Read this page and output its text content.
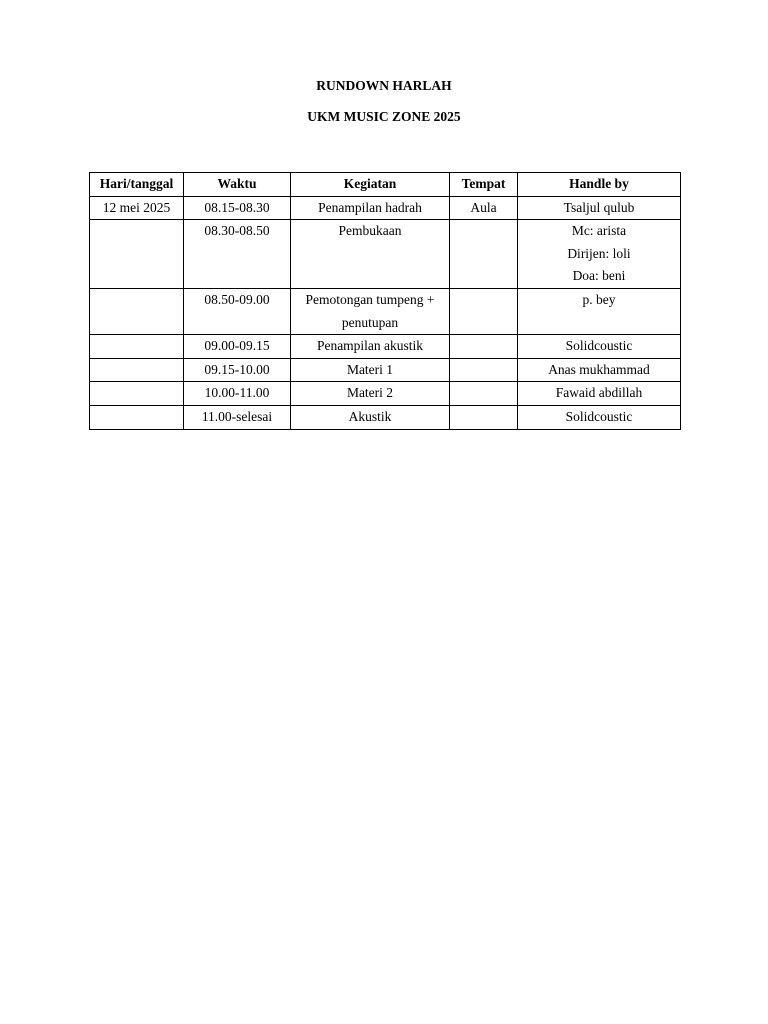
RUNDOWN HARLAH
UKM MUSIC ZONE 2025
Hari/tanggal	Waktu	Kegiatan	Tempat	Handle by
12 mei 2025	08.15-08.30	Penampilan hadrah	Aula	Tsaljul qulub

	08.30-08.50	Pembukaan		Mc: arista
Dirijen: loli
Doa: beni

	08.50-09.00	Pemotongan tumpeng +
penutupan		p. bey

	09.00-09.15	Penampilan akustik		Solidcoustic

	09.15-10.00	Materi 1		Anas mukhammad

	10.00-11.00	Materi 2		Fawaid abdillah

	11.00-selesai	Akustik		Solidcoustic
